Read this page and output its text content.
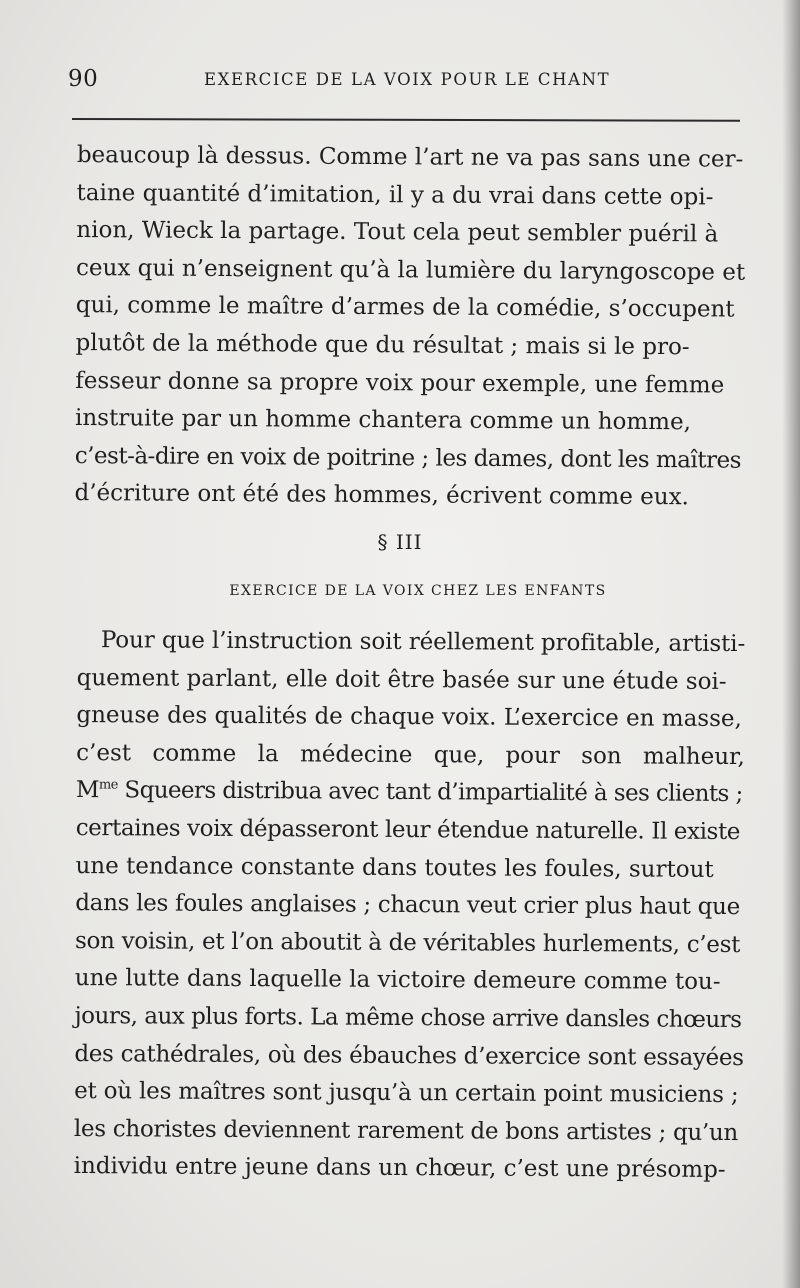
90	EXERCICE DE LA VOIX POUR LE CHANT
beaucoup là dessus. Comme l’art ne va pas sans une cer-
taine quantité d’imitation, il y a du vrai dans cette opi-
nion, Wieck la partage. Tout cela peut sembler puéril à
ceux qui n’enseignent qu’à la lumière du laryngoscope et
qui, comme le maître d’armes de la comédie, s’occupent
plutôt de la méthode que du résultat ; mais si le pro-
fesseur donne sa propre voix pour exemple, une femme
instruite par un homme chantera comme un homme,
c’est-à-dire en voix de poitrine ; les dames, dont les maîtres
d’écriture ont été des hommes, écrivent comme eux.
§ III
EXERCICE DE LA VOIX CHEZ LES ENFANTS
Pour que l’instruction soit réellement profitable, artisti-
quement parlant, elle doit être basée sur une étude soi-
gneuse des qualités de chaque voix. L’exercice en masse,
c’est comme la médecine que, pour son malheur,
$M^{me}$ Squeers distribua avec tant d’impartialité à ses clients ;
certaines voix dépasseront leur étendue naturelle. Il existe
une tendance constante dans toutes les foules, surtout
dans les foules anglaises ; chacun veut crier plus haut que
son voisin, et l’on aboutit à de véritables hurlements, c’est
une lutte dans laquelle la victoire demeure comme tou-
jours, aux plus forts. La même chose arrive dansles chœurs
des cathédrales, où des ébauches d’exercice sont essayées
et où les maîtres sont jusqu’à un certain point musiciens ;
les choristes deviennent rarement de bons artistes ; qu’un
individu entre jeune dans un chœur, c’est une présomp-
